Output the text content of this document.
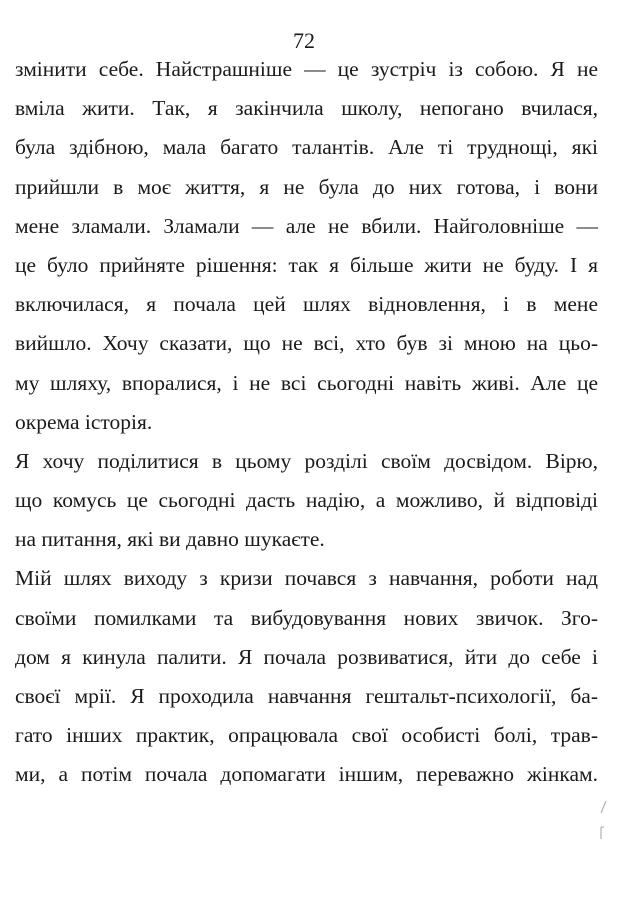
72
змінити себе. Найстрашніше — це зустріч із собою. Я не
вміла жити. Так, я закінчила школу, непогано вчилася,
була здібною, мала багато талантів. Але ті труднощі, які
прийшли в моє життя, я не була до них готова, і вони
мене зламали. Зламали — але не вбили. Найголовніше —
це було прийняте рішення: так я більше жити не буду. І я
включилася, я почала цей шлях відновлення, і в мене
вийшло. Хочу сказати, що не всі, хто був зі мною на цьо-
му шляху, впоралися, і не всі сьогодні навіть живі. Але це
окрема історія.
Я хочу поділитися в цьому розділі своїм досвідом. Вірю,
що комусь це сьогодні дасть надію, а можливо, й відповіді
на питання, які ви давно шукаєте.
Мій шлях виходу з кризи почався з навчання, роботи над
своїми помилками та вибудовування нових звичок. Зго-
дом я кинула палити. Я почала розвиватися, йти до себе і
своєї мрії. Я проходила навчання гештальт-психології, ба-
гато інших практик, опрацювала свої особисті болі, трав-
ми, а потім почала допомагати іншим, переважно жінкам.
